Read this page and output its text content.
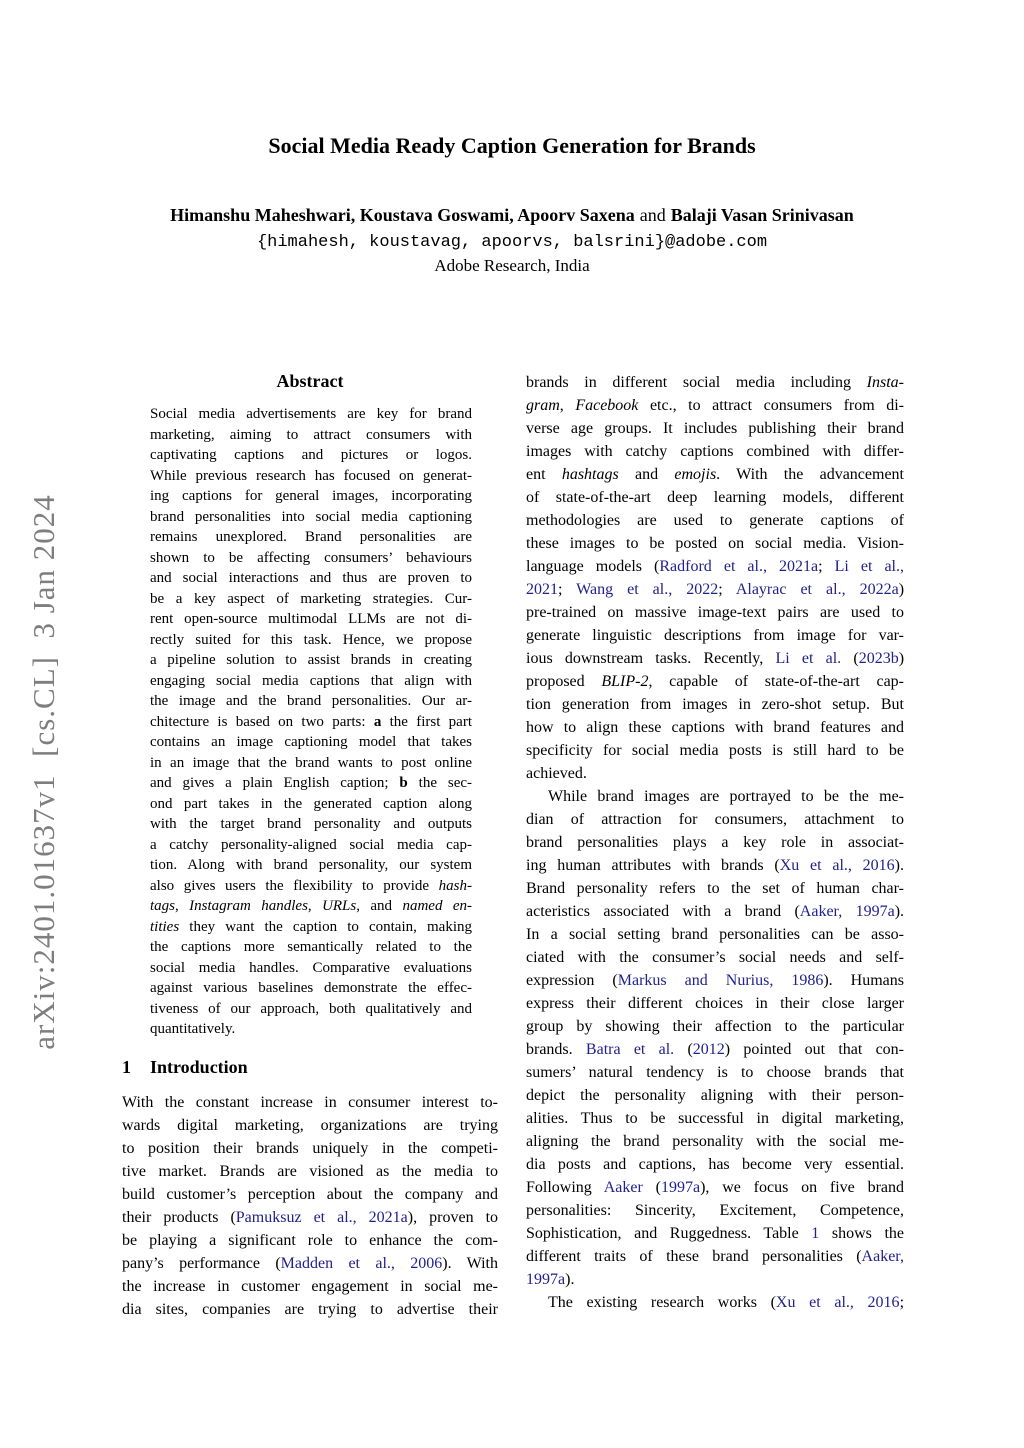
arXiv:2401.01637v1  [cs.CL]  3 Jan 2024
Social Media Ready Caption Generation for Brands
Himanshu Maheshwari, Koustava Goswami, Apoorv Saxena and Balaji Vasan Srinivasan
{himahesh, koustavag, apoorvs, balsrini}@adobe.com
Adobe Research, India
Abstract
Social media advertisements are key for brand
marketing, aiming to attract consumers with
captivating captions and pictures or logos.
While previous research has focused on generat-
ing captions for general images, incorporating
brand personalities into social media captioning
remains unexplored. Brand personalities are
shown to be affecting consumers’ behaviours
and social interactions and thus are proven to
be a key aspect of marketing strategies. Cur-
rent open-source multimodal LLMs are not di-
rectly suited for this task. Hence, we propose
a pipeline solution to assist brands in creating
engaging social media captions that align with
the image and the brand personalities. Our ar-
chitecture is based on two parts: a the first part
contains an image captioning model that takes
in an image that the brand wants to post online
and gives a plain English caption; b the sec-
ond part takes in the generated caption along
with the target brand personality and outputs
a catchy personality-aligned social media cap-
tion. Along with brand personality, our system
also gives users the flexibility to provide hash-
tags, Instagram handles, URLs, and named en-
tities they want the caption to contain, making
the captions more semantically related to the
social media handles. Comparative evaluations
against various baselines demonstrate the effec-
tiveness of our approach, both qualitatively and
quantitatively.
1 Introduction
With the constant increase in consumer interest to-
wards digital marketing, organizations are trying
to position their brands uniquely in the competi-
tive market. Brands are visioned as the media to
build customer’s perception about the company and
their products (Pamuksuz et al., 2021a), proven to
be playing a significant role to enhance the com-
pany’s performance (Madden et al., 2006). With
the increase in customer engagement in social me-
dia sites, companies are trying to advertise their
brands in different social media including Insta-
gram, Facebook etc., to attract consumers from di-
verse age groups. It includes publishing their brand
images with catchy captions combined with differ-
ent hashtags and emojis. With the advancement
of state-of-the-art deep learning models, different
methodologies are used to generate captions of
these images to be posted on social media. Vision-
language models (Radford et al., 2021a; Li et al.,
2021; Wang et al., 2022; Alayrac et al., 2022a)
pre-trained on massive image-text pairs are used to
generate linguistic descriptions from image for var-
ious downstream tasks. Recently, Li et al. (2023b)
proposed BLIP-2, capable of state-of-the-art cap-
tion generation from images in zero-shot setup. But
how to align these captions with brand features and
specificity for social media posts is still hard to be
achieved.
While brand images are portrayed to be the me-
dian of attraction for consumers, attachment to
brand personalities plays a key role in associat-
ing human attributes with brands (Xu et al., 2016).
Brand personality refers to the set of human char-
acteristics associated with a brand (Aaker, 1997a).
In a social setting brand personalities can be asso-
ciated with the consumer’s social needs and self-
expression (Markus and Nurius, 1986). Humans
express their different choices in their close larger
group by showing their affection to the particular
brands. Batra et al. (2012) pointed out that con-
sumers’ natural tendency is to choose brands that
depict the personality aligning with their person-
alities. Thus to be successful in digital marketing,
aligning the brand personality with the social me-
dia posts and captions, has become very essential.
Following Aaker (1997a), we focus on five brand
personalities: Sincerity, Excitement, Competence,
Sophistication, and Ruggedness. Table 1 shows the
different traits of these brand personalities (Aaker,
1997a).
The existing research works (Xu et al., 2016;
